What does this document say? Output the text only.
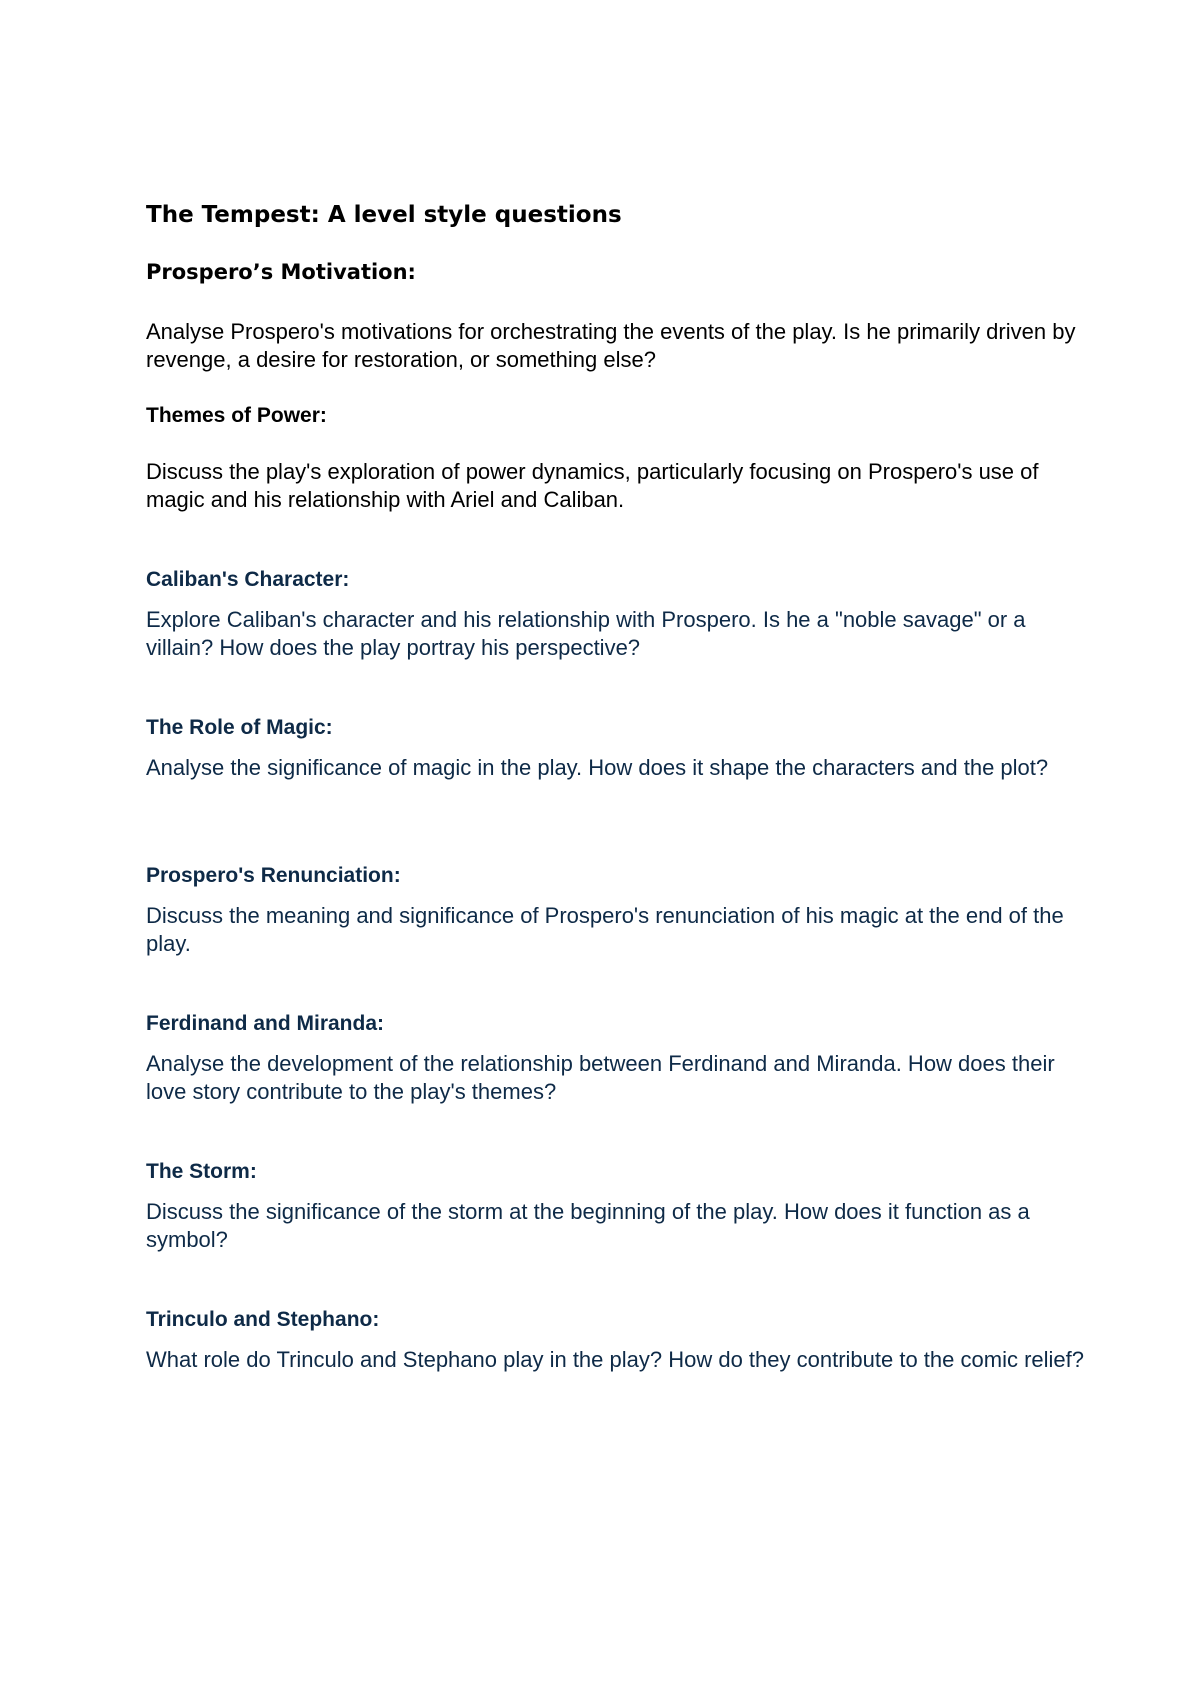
The Tempest: A level style questions
Prospero’s Motivation:

Analyse Prospero's motivations for orchestrating the events of the play. Is he primarily driven by revenge, a desire for restoration, or something else?

Themes of Power:

Discuss the play's exploration of power dynamics, particularly focusing on Prospero's use of magic and his relationship with Ariel and Caliban.

Caliban's Character:

Explore Caliban's character and his relationship with Prospero. Is he a "noble savage" or a villain? How does the play portray his perspective?

The Role of Magic:

Analyse the significance of magic in the play. How does it shape the characters and the plot?

Prospero's Renunciation:

Discuss the meaning and significance of Prospero's renunciation of his magic at the end of the play.

Ferdinand and Miranda:

Analyse the development of the relationship between Ferdinand and Miranda. How does their love story contribute to the play's themes?

The Storm:

Discuss the significance of the storm at the beginning of the play. How does it function as a symbol?

Trinculo and Stephano:

What role do Trinculo and Stephano play in the play? How do they contribute to the comic relief?
